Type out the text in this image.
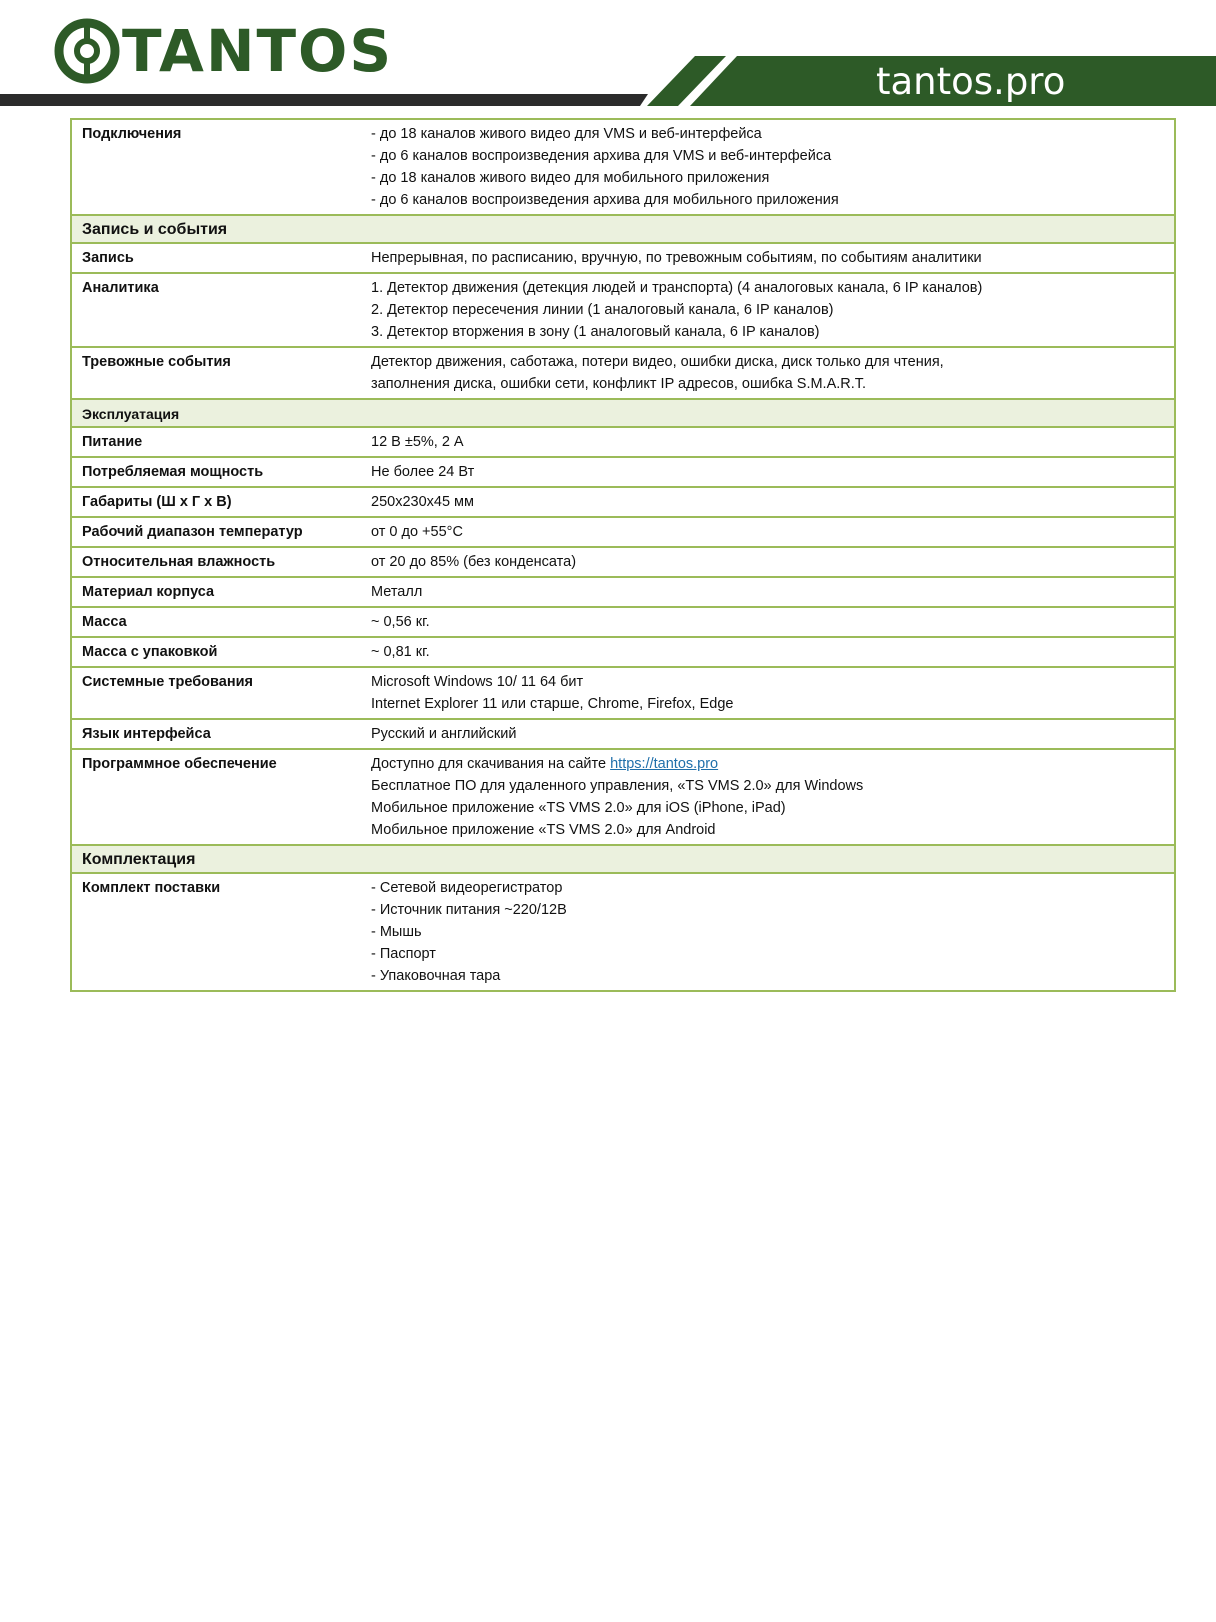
TANTOS	tantos.pro
Подключения	- до 18 каналов живого видео для VMS и веб-интерфейса
- до 6 каналов воспроизведения архива для VMS и веб-интерфейса
- до 18 каналов живого видео для мобильного приложения
- до 6 каналов воспроизведения архива для мобильного приложения

Запись и события	
Запись	Непрерывная, по расписанию, вручную, по тревожным событиям, по событиям аналитики
Аналитика	1. Детектор движения (детекция людей и транспорта) (4 аналоговых канала, 6 IP каналов)
2. Детектор пересечения линии (1 аналоговый канала, 6 IP каналов)
3. Детектор вторжения в зону (1 аналоговый канала, 6 IP каналов)

Тревожные события	Детектор движения, саботажа, потери видео, ошибки диска, диск только для чтения,
заполнения диска, ошибки сети, конфликт IP адресов, ошибка S.M.A.R.T.

Эксплуатация	
Питание	12 В ±5%, 2 А
Потребляемая мощность	Не более 24 Вт
Габариты (Ш х Г х В)	250х230х45 мм
Рабочий диапазон температур	от 0 до +55°С
Относительная влажность	от 20 до 85% (без конденсата)
Материал корпуса	Металл
Масса	~ 0,56 кг.
Масса с упаковкой	~ 0,81 кг.
Системные требования	Microsoft Windows 10/ 11 64 бит
Internet Explorer 11 или старше, Chrome, Firefox, Edge

Язык интерфейса	Русский и английский
Программное обеспечение	Доступно для скачивания на сайте https://tantos.pro
Бесплатное ПО для удаленного управления, «TS VMS 2.0» для Windows
Мобильное приложение «TS VMS 2.0» для iOS (iPhone, iPad)
Мобильное приложение «TS VMS 2.0» для Android

Комплектация	
Комплект поставки	- Сетевой видеорегистратор
- Источник питания ~220/12В
- Мышь
- Паспорт
- Упаковочная тара
